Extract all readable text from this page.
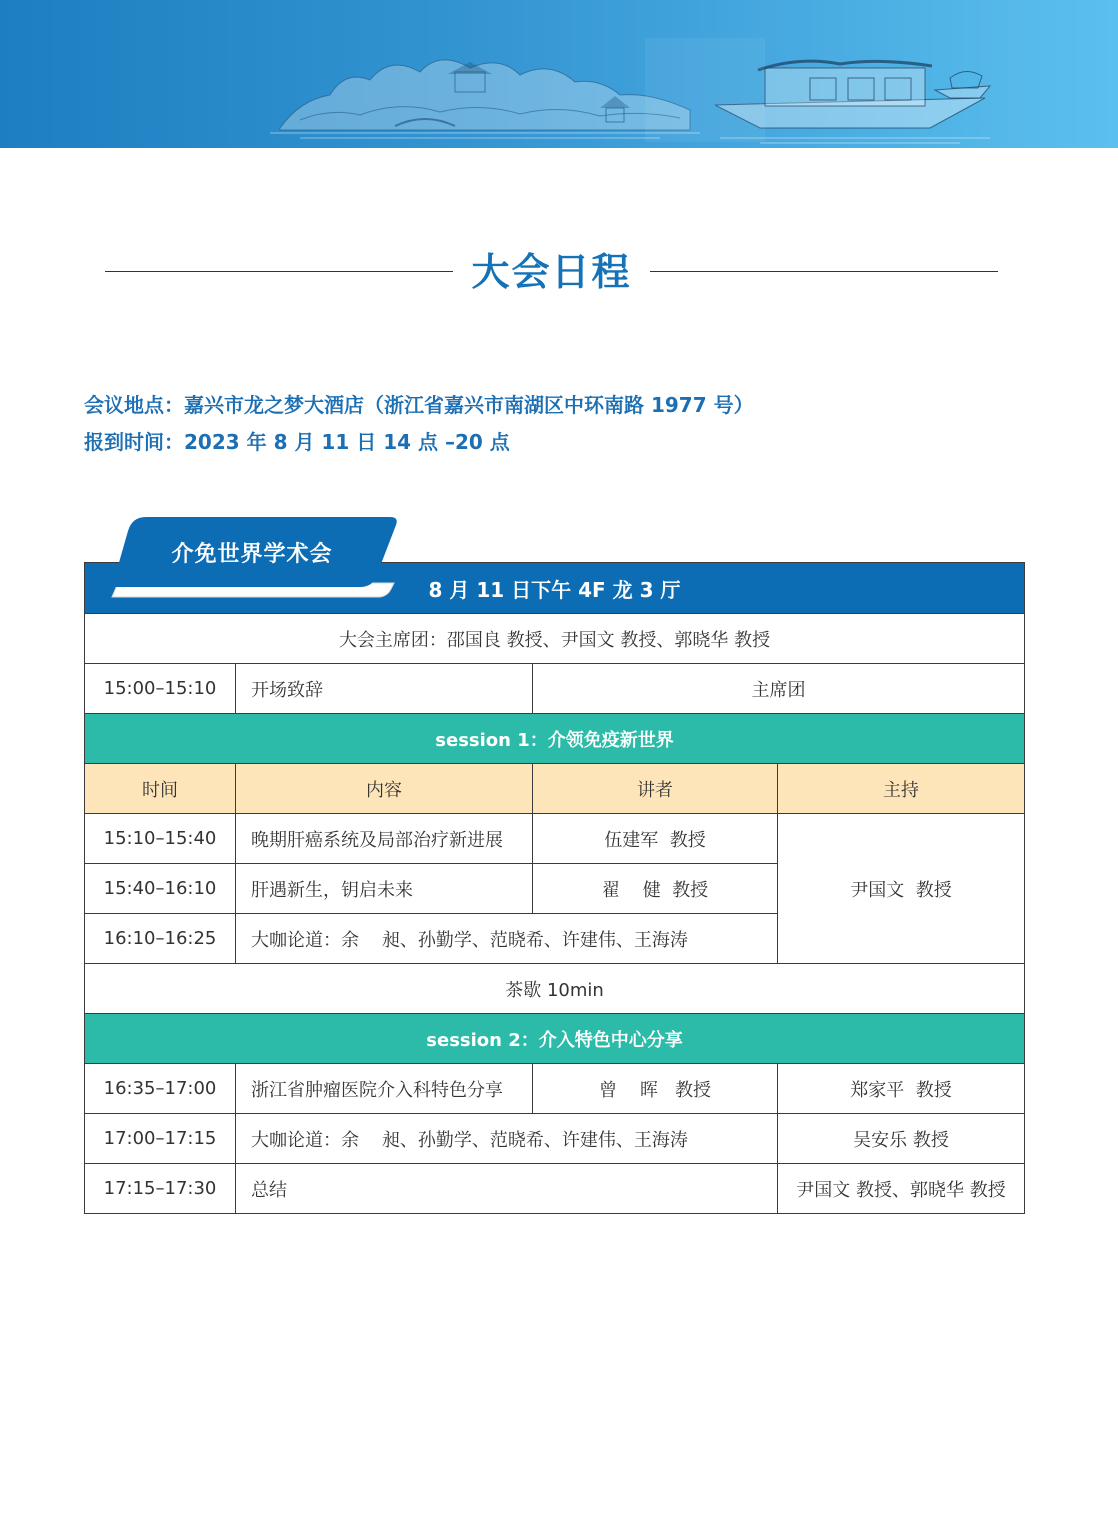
大会日程
会议地点：嘉兴市龙之梦大酒店（浙江省嘉兴市南湖区中环南路 1977 号）
报到时间：2023 年 8 月 11 日 14 点 –20 点
介免世界学术会
8 月 11 日下午 4F 龙 3 厅			
大会主席团：邵国良 教授、尹国文 教授、郭晓华 教授			
15:00–15:10	开场致辞	主席团	
session 1：介领免疫新世界			
时间	内容	讲者	主持
15:10–15:40	晚期肝癌系统及局部治疗新进展	伍建军  教授	尹国文  教授
15:40–16:10	肝遇新生，钥启未来	翟    健  教授	
16:10–16:25	大咖论道：余    昶、孙勤学、范晓希、许建伟、王海涛		
茶歇 10min			
session 2：介入特色中心分享			
16:35–17:00	浙江省肿瘤医院介入科特色分享	曾    晖   教授	郑家平  教授
17:00–17:15	大咖论道：余    昶、孙勤学、范晓希、许建伟、王海涛		吴安乐 教授
17:15–17:30	总结		尹国文 教授、郭晓华 教授
